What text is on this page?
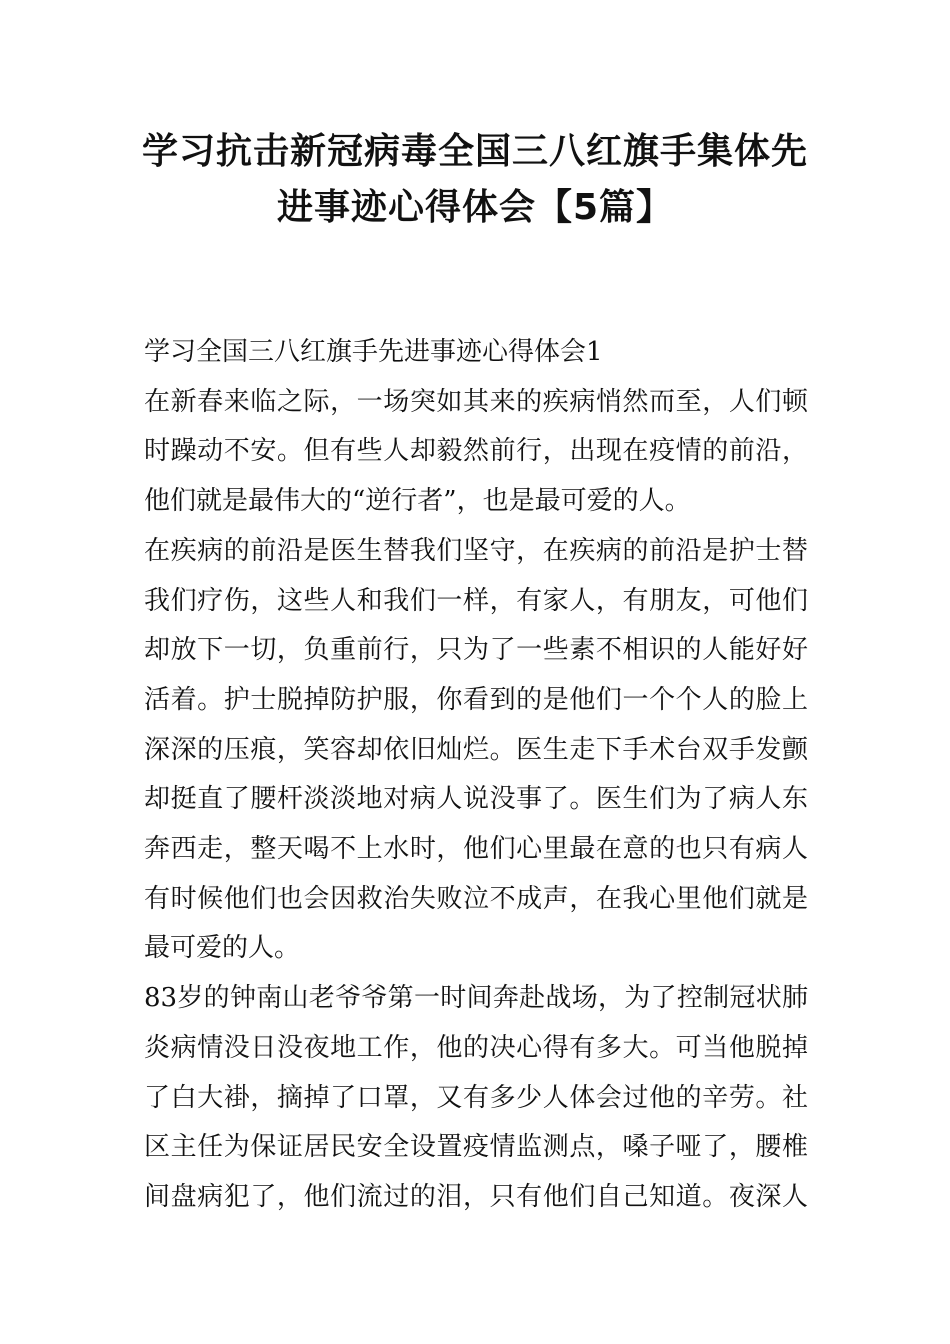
学习抗击新冠病毒全国三八红旗手集体先
进事迹心得体会【5篇】
学习全国三八红旗手先进事迹心得体会1

在新春来临之际，一场突如其来的疾病悄然而至，人们顿
时躁动不安。但有些人却毅然前行，出现在疫情的前沿，
他们就是最伟大的“逆行者”，也是最可爱的人。

在疾病的前沿是医生替我们坚守，在疾病的前沿是护士替
我们疗伤，这些人和我们一样，有家人，有朋友，可他们
却放下一切，负重前行，只为了一些素不相识的人能好好
活着。护士脱掉防护服，你看到的是他们一个个人的脸上
深深的压痕，笑容却依旧灿烂。医生走下手术台双手发颤
却挺直了腰杆淡淡地对病人说没事了。医生们为了病人东
奔西走，整天喝不上水时，他们心里最在意的也只有病人
有时候他们也会因救治失败泣不成声，在我心里他们就是
最可爱的人。

83岁的钟南山老爷爷第一时间奔赴战场，为了控制冠状肺
炎病情没日没夜地工作，他的决心得有多大。可当他脱掉
了白大褂，摘掉了口罩，又有多少人体会过他的辛劳。社
区主任为保证居民安全设置疫情监测点，嗓子哑了，腰椎
间盘病犯了，他们流过的泪，只有他们自己知道。夜深人
